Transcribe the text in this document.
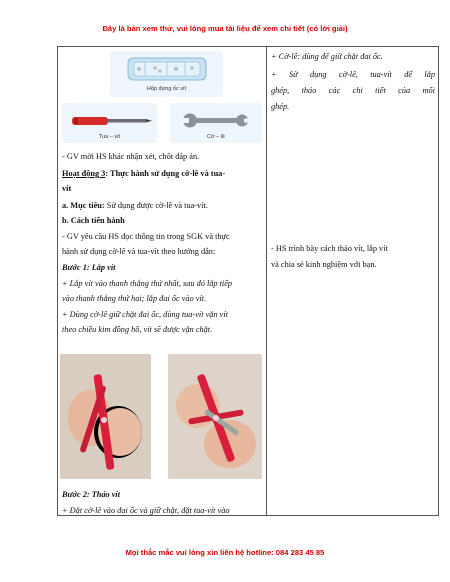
Đây là bản xem thử, vui lòng mua tài liệu để xem chi tiết (có lời giải)
Hộp đựng ốc vít
Tua – vít	Cờ – lê
- GV mời HS khác nhận xét, chốt đáp án.
Hoạt động 3: Thực hành sử dụng cờ-lê và tua-
vít
a. Mục tiêu: Sử dụng được cờ-lê và tua-vít.
b. Cách tiến hành
- GV yêu cầu HS đọc thông tin trong SGK và thực
hành sử dụng cờ-lê và tua-vít theo hướng dẫn:
Bước 1: Lắp vít
+ Lắp vít vào thanh thẳng thứ nhất, sau đó lắp tiếp
vào thanh thẳng thứ hai; lắp đai ốc vào vít.
+ Dùng cờ-lê giữ chặt đai ốc, dùng tua-vít vặn vít
theo chiều kim đồng hồ, vít sẽ được vặn chặt.
Bước 2: Tháo vít
+ Đặt cờ-lê vào đai ốc và giữ chặt, đặt tua-vít vào
+ Cờ-lê: dùng để giữ chặt đai ốc.
+ Sử dụng cờ-lê, tua-vít để lắp
ghép, tháo các chi tiết của mối
ghép.
- HS trình bày cách tháo vít, lắp vít
và chia sẻ kinh nghiệm với bạn.
Mọi thắc mắc vui lòng xin liên hệ hotline: 084 283 45 85
